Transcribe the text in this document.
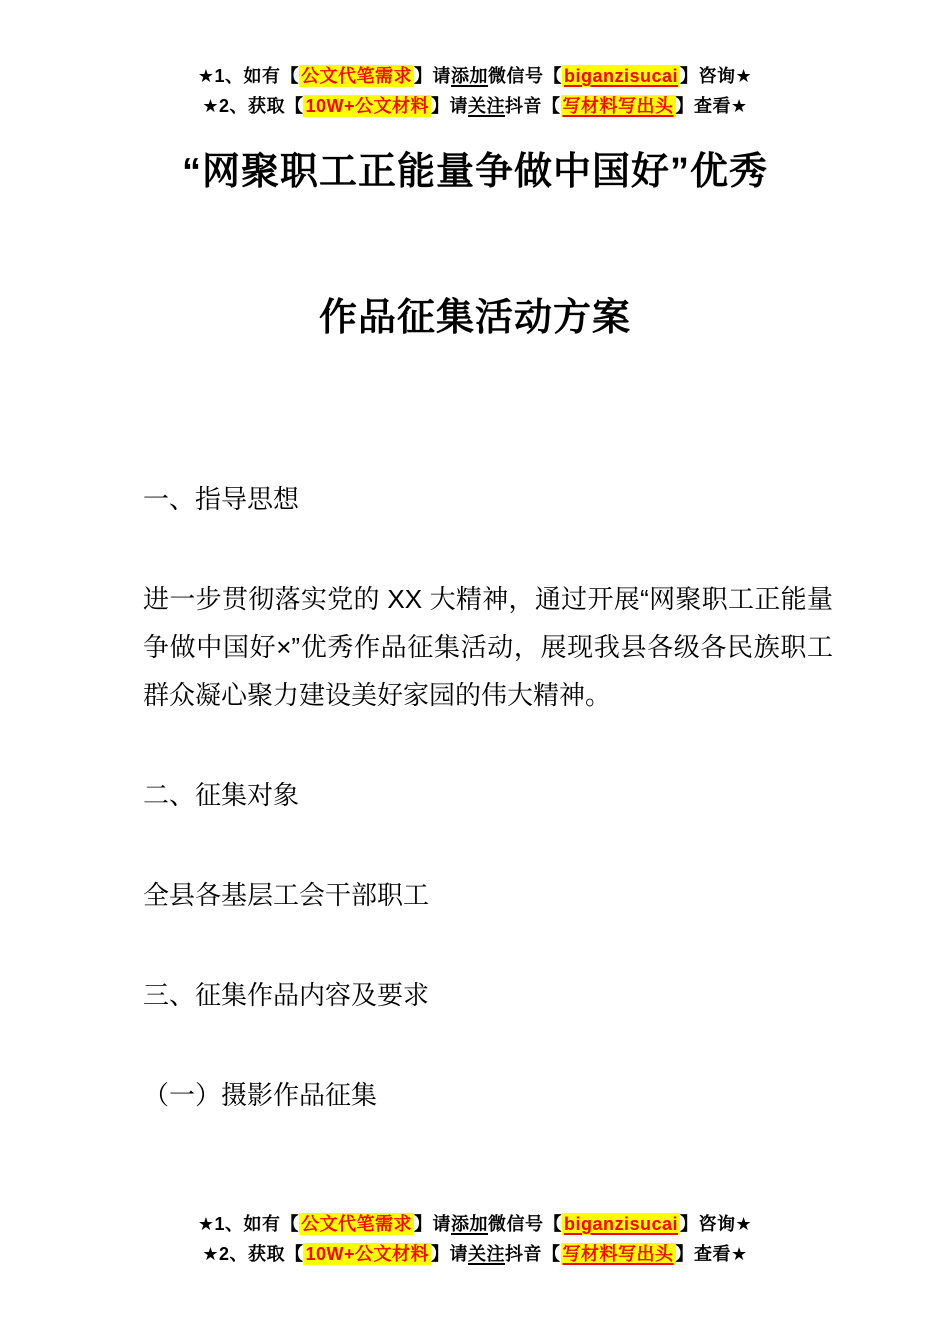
★1、如有【 公文代笔需求 】请添加微信号【 biganzisucai 】咨询★
★2、获取【 10W+公文材料 】请关注抖音【 写材料写出头 】查看★
“网聚职工正能量争做中国好”优秀
作品征集活动方案
一、指导思想
进一步贯彻落实党的 XX 大精神，通过开展“网聚职工正能量争做中国好×”优秀作品征集活动，展现我县各级各民族职工群众凝心聚力建设美好家园的伟大精神。
二、征集对象
全县各基层工会干部职工
三、征集作品内容及要求
（一）摄影作品征集
★1、如有【 公文代笔需求 】请添加微信号【 biganzisucai 】咨询★
★2、获取【 10W+公文材料 】请关注抖音【 写材料写出头 】查看★
